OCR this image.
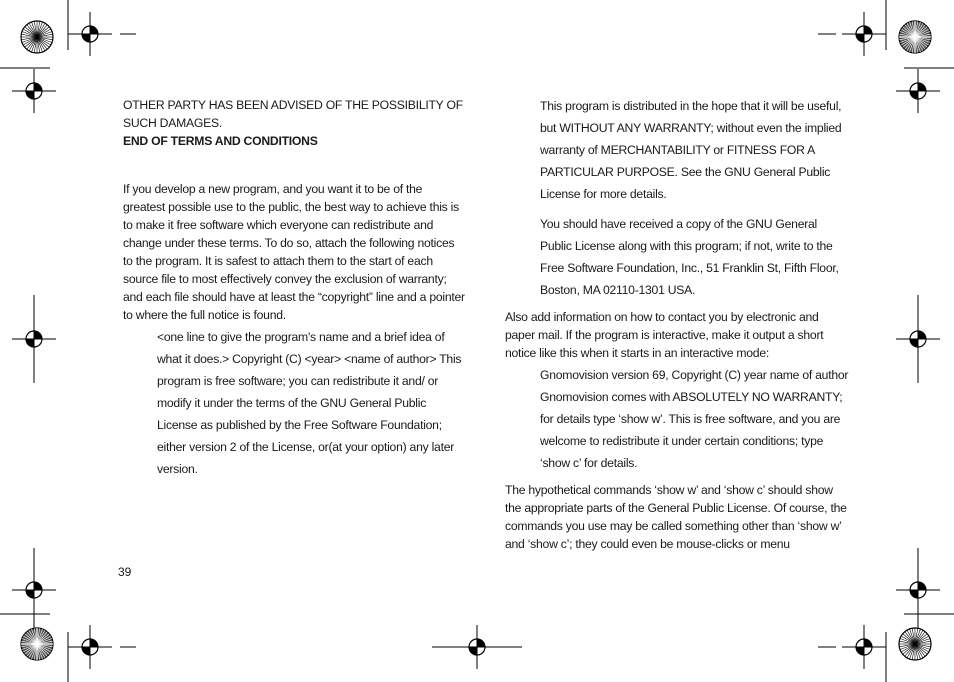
OTHER PARTY HAS BEEN ADVISED OF THE POSSIBILITY OF SUCH DAMAGES.

END OF TERMS AND CONDITIONS

If you develop a new program, and you want it to be of the greatest possible use to the public, the best way to achieve this is to make it free software which everyone can redistribute and change under these terms. To do so, attach the following notices to the program. It is safest to attach them to the start of each source file to most effectively convey the exclusion of warranty; and each file should have at least the “copyright” line and a pointer to where the full notice is found.

<one line to give the program's name and a brief idea of what it does.> Copyright (C) <year> <name of author> This program is free software; you can redistribute it and/ or modify it under the terms of the GNU General Public License as published by the Free Software Foundation; either version 2 of the License, or(at your option) any later version.

This program is distributed in the hope that it will be useful, but WITHOUT ANY WARRANTY; without even the implied warranty of MERCHANTABILITY or FITNESS FOR A PARTICULAR PURPOSE. See the GNU General Public License for more details.

You should have received a copy of the GNU General Public License along with this program; if not, write to the Free Software Foundation, Inc., 51 Franklin St, Fifth Floor, Boston, MA 02110-1301 USA.

Also add information on how to contact you by electronic and paper mail. If the program is interactive, make it output a short notice like this when it starts in an interactive mode:

Gnomovision version 69, Copyright (C) year name of author Gnomovision comes with ABSOLUTELY NO WARRANTY; for details type ‘show w’. This is free software, and you are welcome to redistribute it under certain conditions; type ‘show c’ for details.

The hypothetical commands ‘show w’ and ‘show c’ should show the appropriate parts of the General Public License. Of course, the commands you use may be called something other than ‘show w’ and ‘show c’; they could even be mouse-clicks or menu

39
